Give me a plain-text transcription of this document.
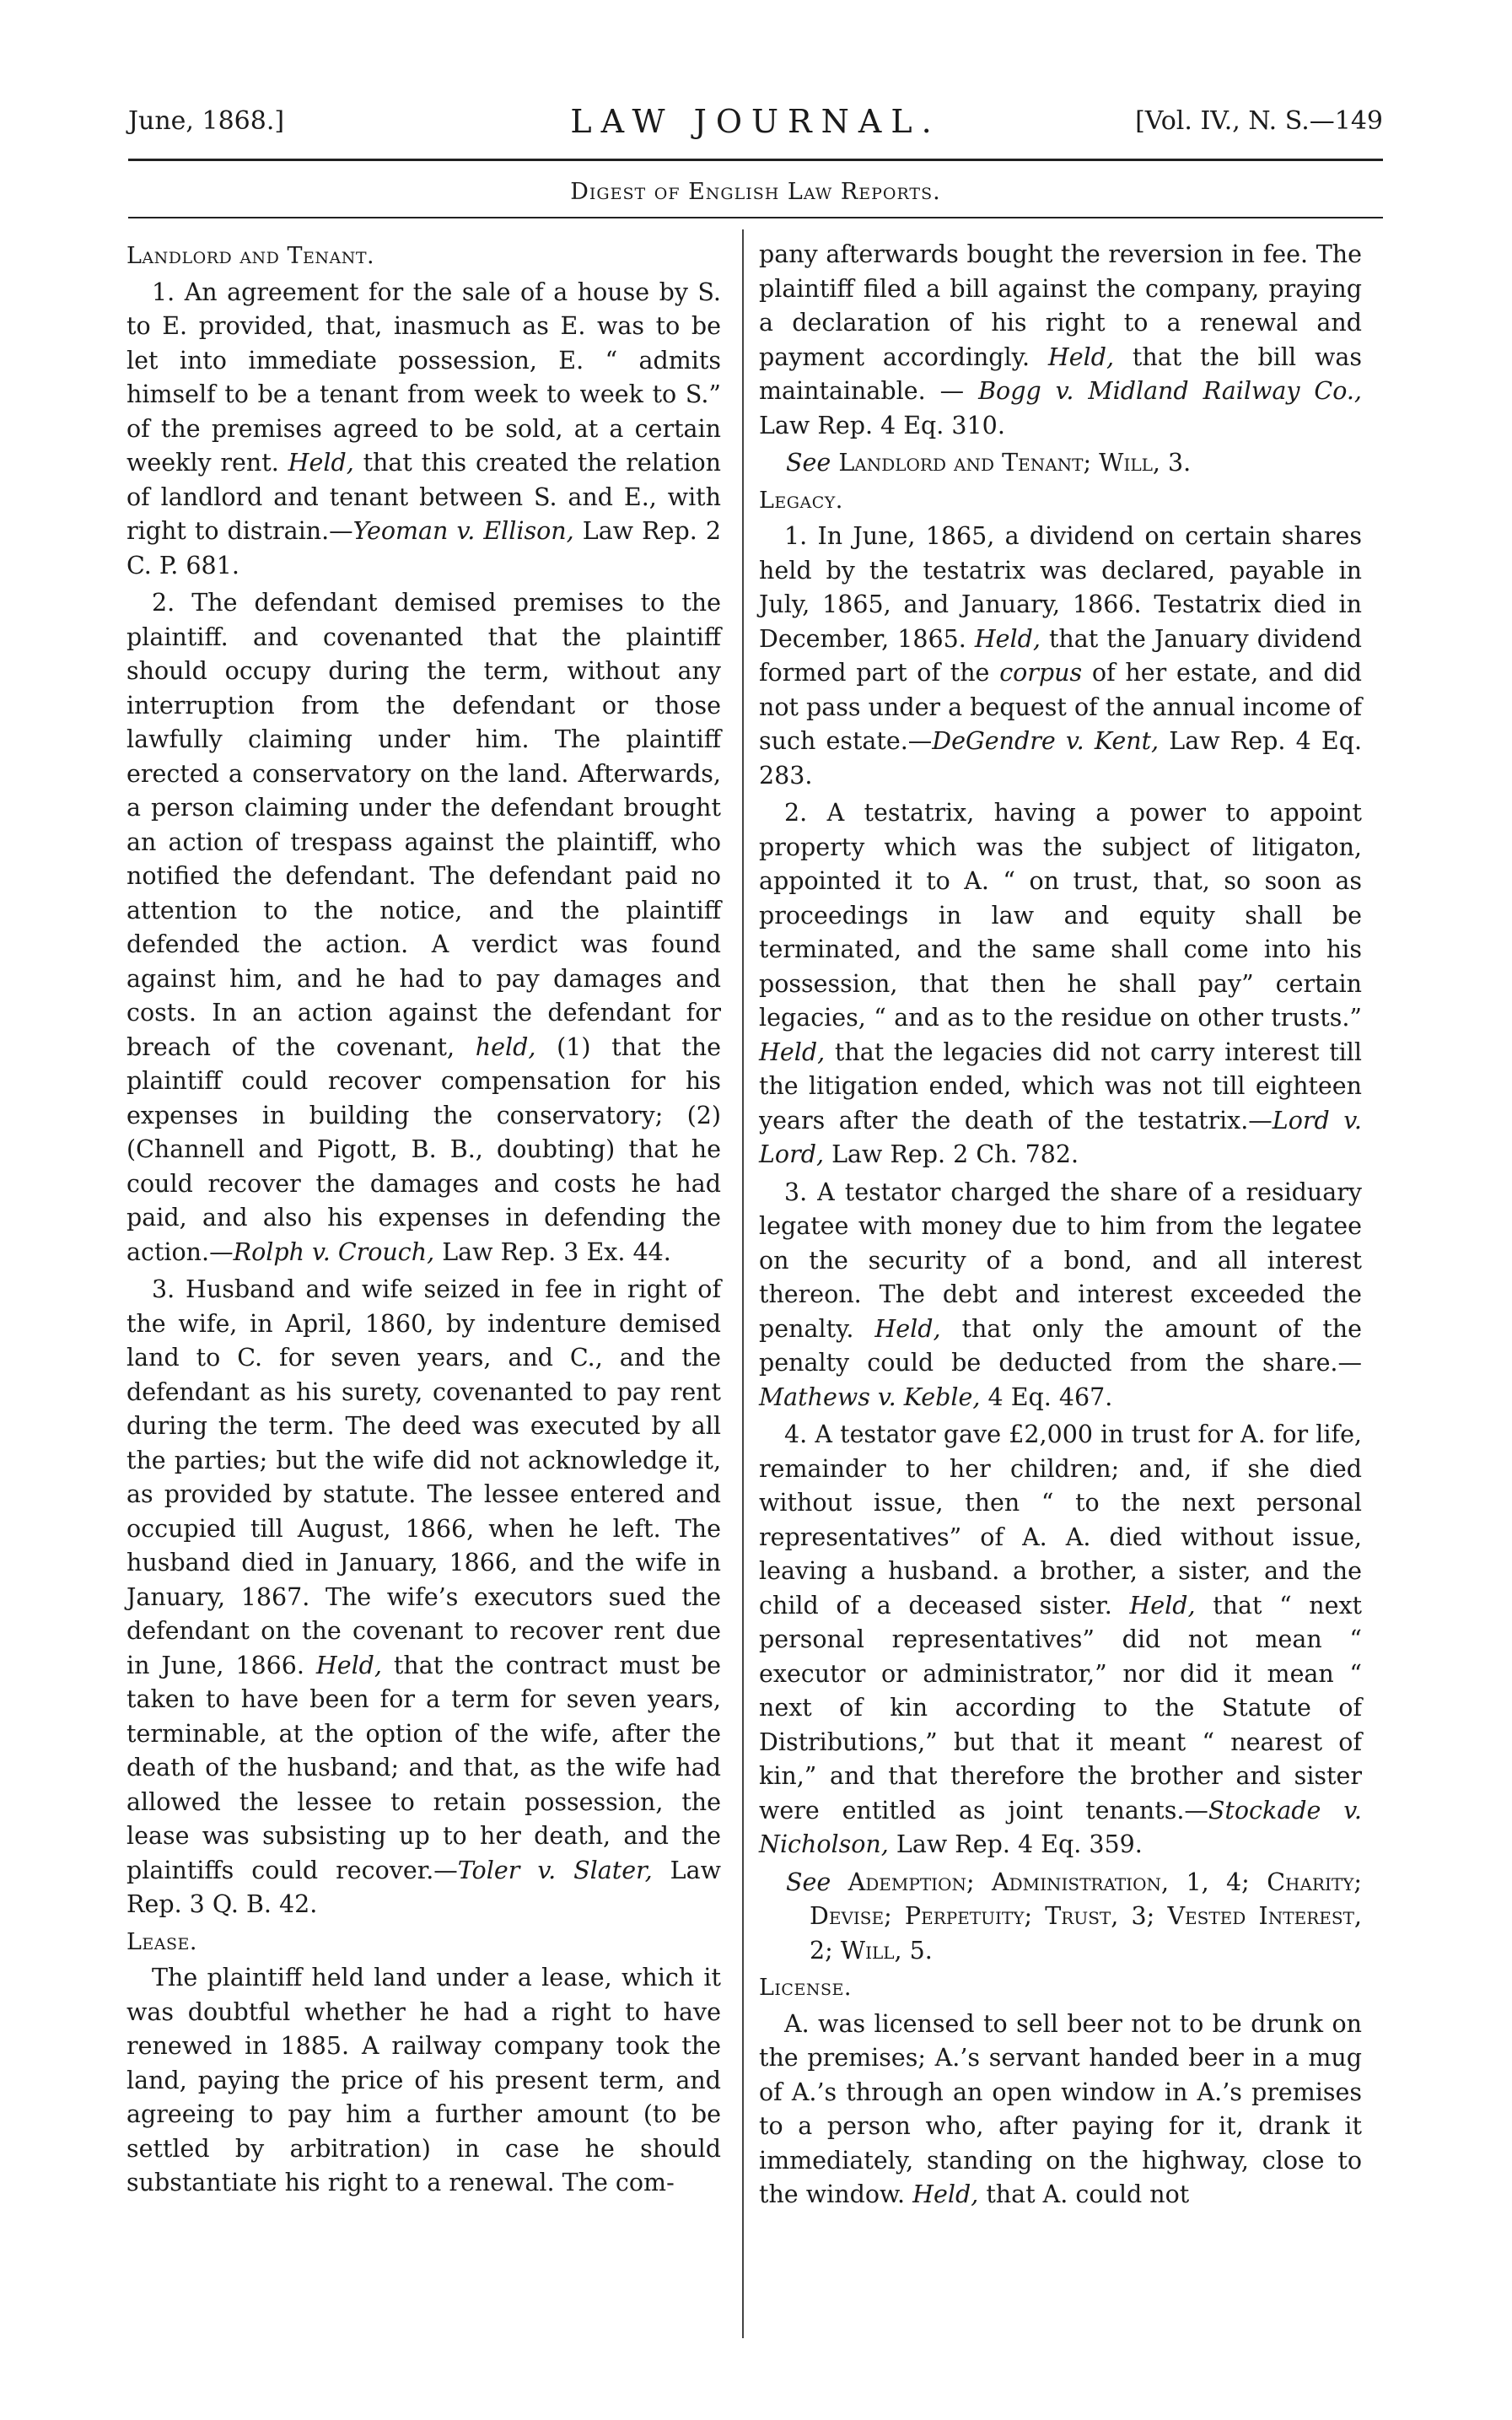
June, 1868.]	LAW JOURNAL.	[Vol. IV., N. S.—149
Digest of English Law Reports.
Landlord and Tenant.

1. An agreement for the sale of a house by S. to E. provided, that, inasmuch as E. was to be let into immediate possession, E. “ admits himself to be a tenant from week to week to S.” of the premises agreed to be sold, at a certain weekly rent. Held, that this created the relation of landlord and tenant between S. and E., with right to distrain.—Yeoman v. Ellison, Law Rep. 2 C. P. 681.

2. The defendant demised premises to the plaintiff. and covenanted that the plaintiff should occupy during the term, without any interruption from the defendant or those lawfully claiming under him. The plaintiff erected a conservatory on the land. Afterwards, a person claiming under the defendant brought an action of trespass against the plaintiff, who notified the defendant. The defendant paid no attention to the notice, and the plaintiff defended the action. A verdict was found against him, and he had to pay damages and costs. In an action against the defendant for breach of the covenant, held, (1) that the plaintiff could recover compensation for his expenses in building the conservatory; (2) (Channell and Pigott, B. B., doubting) that he could recover the damages and costs he had paid, and also his expenses in defending the action.—Rolph v. Crouch, Law Rep. 3 Ex. 44.

3. Husband and wife seized in fee in right of the wife, in April, 1860, by indenture demised land to C. for seven years, and C., and the defendant as his surety, covenanted to pay rent during the term. The deed was executed by all the parties; but the wife did not acknowledge it, as provided by statute. The lessee entered and occupied till August, 1866, when he left. The husband died in January, 1866, and the wife in January, 1867. The wife’s executors sued the defendant on the covenant to recover rent due in June, 1866. Held, that the contract must be taken to have been for a term for seven years, terminable, at the option of the wife, after the death of the husband; and that, as the wife had allowed the lessee to retain possession, the lease was subsisting up to her death, and the plaintiffs could recover.—Toler v. Slater, Law Rep. 3 Q. B. 42.

Lease.

The plaintiff held land under a lease, which it was doubtful whether he had a right to have renewed in 1885. A railway company took the land, paying the price of his present term, and agreeing to pay him a further amount (to be settled by arbitration) in case he should substantiate his right to a renewal. The com-

pany afterwards bought the reversion in fee. The plaintiff filed a bill against the company, praying a declaration of his right to a renewal and payment accordingly. Held, that the bill was maintainable. — Bogg v. Midland Railway Co., Law Rep. 4 Eq. 310.

See Landlord and Tenant; Will, 3.

Legacy.

1. In June, 1865, a dividend on certain shares held by the testatrix was declared, payable in July, 1865, and January, 1866. Testatrix died in December, 1865. Held, that the January dividend formed part of the corpus of her estate, and did not pass under a bequest of the annual income of such estate.—DeGendre v. Kent, Law Rep. 4 Eq. 283.

2. A testatrix, having a power to appoint property which was the subject of litigaton, appointed it to A. “ on trust, that, so soon as proceedings in law and equity shall be terminated, and the same shall come into his possession, that then he shall pay” certain legacies, “ and as to the residue on other trusts.” Held, that the legacies did not carry interest till the litigation ended, which was not till eighteen years after the death of the testatrix.—Lord v. Lord, Law Rep. 2 Ch. 782.

3. A testator charged the share of a residuary legatee with money due to him from the legatee on the security of a bond, and all interest thereon. The debt and interest exceeded the penalty. Held, that only the amount of the penalty could be deducted from the share.—Mathews v. Keble, 4 Eq. 467.

4. A testator gave £2,000 in trust for A. for life, remainder to her children; and, if she died without issue, then “ to the next personal representatives” of A. A. died without issue, leaving a husband. a brother, a sister, and the child of a deceased sister. Held, that “ next personal representatives” did not mean “ executor or administrator,” nor did it mean “ next of kin according to the Statute of Distributions,” but that it meant “ nearest of kin,” and that therefore the brother and sister were entitled as joint tenants.—Stockade v. Nicholson, Law Rep. 4 Eq. 359.

See Ademption; Administration, 1, 4; Charity; Devise; Perpetuity; Trust, 3; Vested Interest, 2; Will, 5.

License.

A. was licensed to sell beer not to be drunk on the premises; A.’s servant handed beer in a mug of A.’s through an open window in A.’s premises to a person who, after paying for it, drank it immediately, standing on the highway, close to the window. Held, that A. could not
